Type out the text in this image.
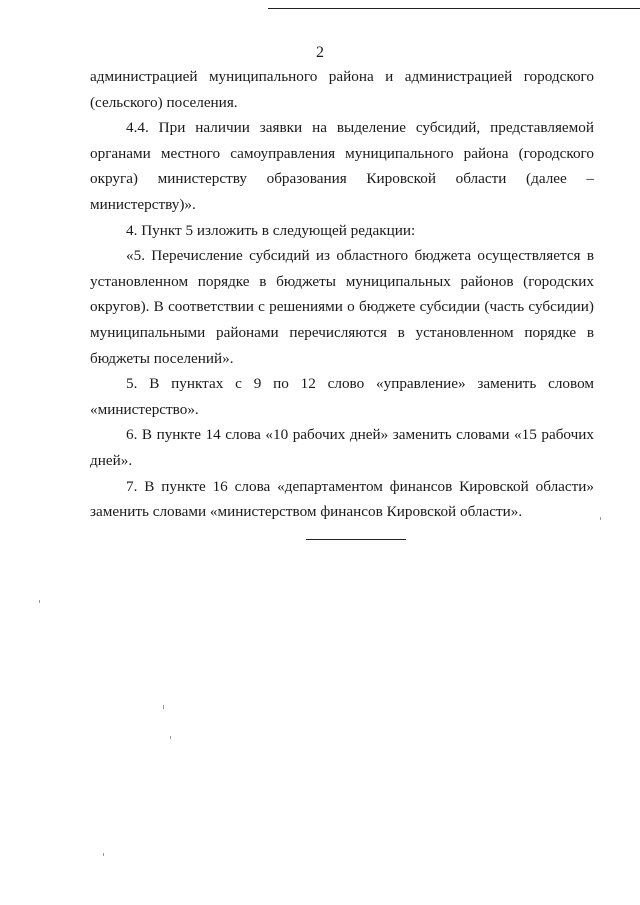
2

администрацией муниципального района и администрацией городского (сельского) поселения.

4.4. При наличии заявки на выделение субсидий, представляемой органами местного самоуправления муниципального района (городского округа) министерству образования Кировской области (далее – министерству)».

4. Пункт 5 изложить в следующей редакции:

«5. Перечисление субсидий из областного бюджета осуществляется в установленном порядке в бюджеты муниципальных районов (городских округов). В соответствии с решениями о бюджете субсидии (часть субсидии) муниципальными районами перечисляются в установленном порядке в бюджеты поселений».

5. В пунктах с 9 по 12 слово «управление» заменить словом «министерство».

6. В пункте 14 слова «10 рабочих дней» заменить словами «15 рабочих дней».

7. В пункте 16 слова «департаментом финансов Кировской области» заменить словами «министерством финансов Кировской области».
